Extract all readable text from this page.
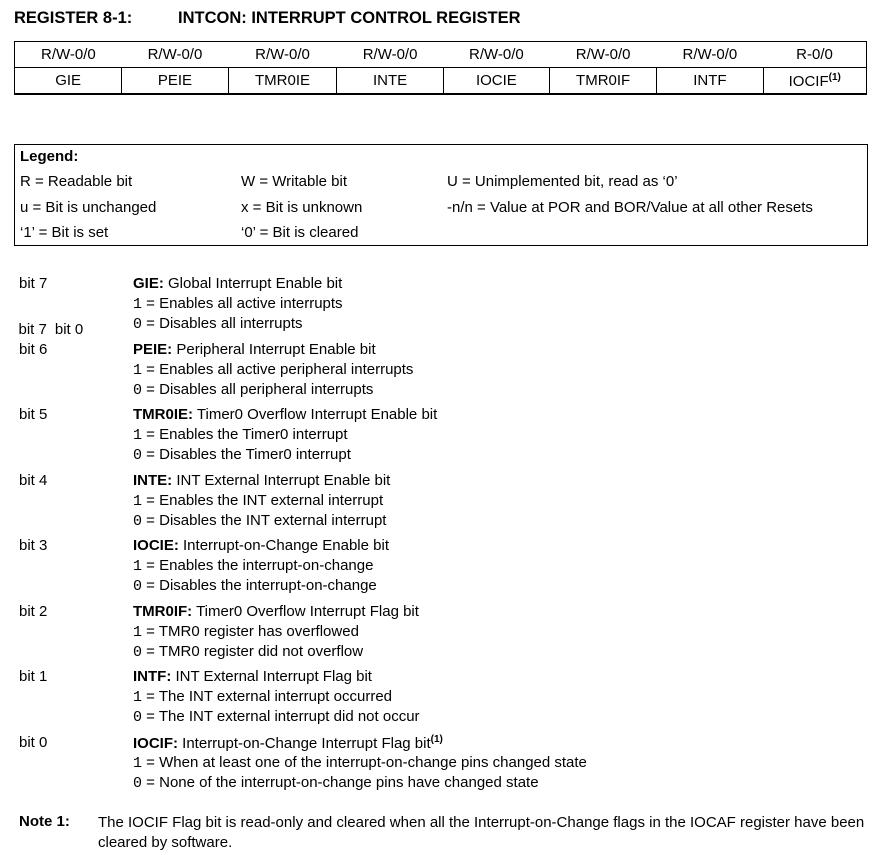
REGISTER 8-1:	INTCON: INTERRUPT CONTROL REGISTER
R/W-0/0	R/W-0/0	R/W-0/0	R/W-0/0	R/W-0/0	R/W-0/0	R/W-0/0	R-0/0
GIE	PEIE	TMR0IE	INTE	IOCIE	TMR0IF	INTF	IOCIF$^{(1)}$

bit 7	bit 0
Legend:
R = Readable bit	W = Writable bit	U = Unimplemented bit, read as ‘0’
u = Bit is unchanged	x = Bit is unknown	-n/n = Value at POR and BOR/Value at all other Resets
‘1’ = Bit is set	‘0’ = Bit is cleared
bit 7	GIE: Global Interrupt Enable bit
1 = Enables all active interrupts
0 = Disables all interrupts
bit 6	PEIE: Peripheral Interrupt Enable bit
1 = Enables all active peripheral interrupts
0 = Disables all peripheral interrupts
bit 5	TMR0IE: Timer0 Overflow Interrupt Enable bit
1 = Enables the Timer0 interrupt
0 = Disables the Timer0 interrupt
bit 4	INTE: INT External Interrupt Enable bit
1 = Enables the INT external interrupt
0 = Disables the INT external interrupt
bit 3	IOCIE: Interrupt-on-Change Enable bit
1 = Enables the interrupt-on-change
0 = Disables the interrupt-on-change
bit 2	TMR0IF: Timer0 Overflow Interrupt Flag bit
1 = TMR0 register has overflowed
0 = TMR0 register did not overflow
bit 1	INTF: INT External Interrupt Flag bit
1 = The INT external interrupt occurred
0 = The INT external interrupt did not occur
bit 0	IOCIF: Interrupt-on-Change Interrupt Flag bit$^{(1)}$
1 = When at least one of the interrupt-on-change pins changed state
0 = None of the interrupt-on-change pins have changed state
Note 1: The IOCIF Flag bit is read-only and cleared when all the Interrupt-on-Change flags in the IOCAF register have been cleared by software.
